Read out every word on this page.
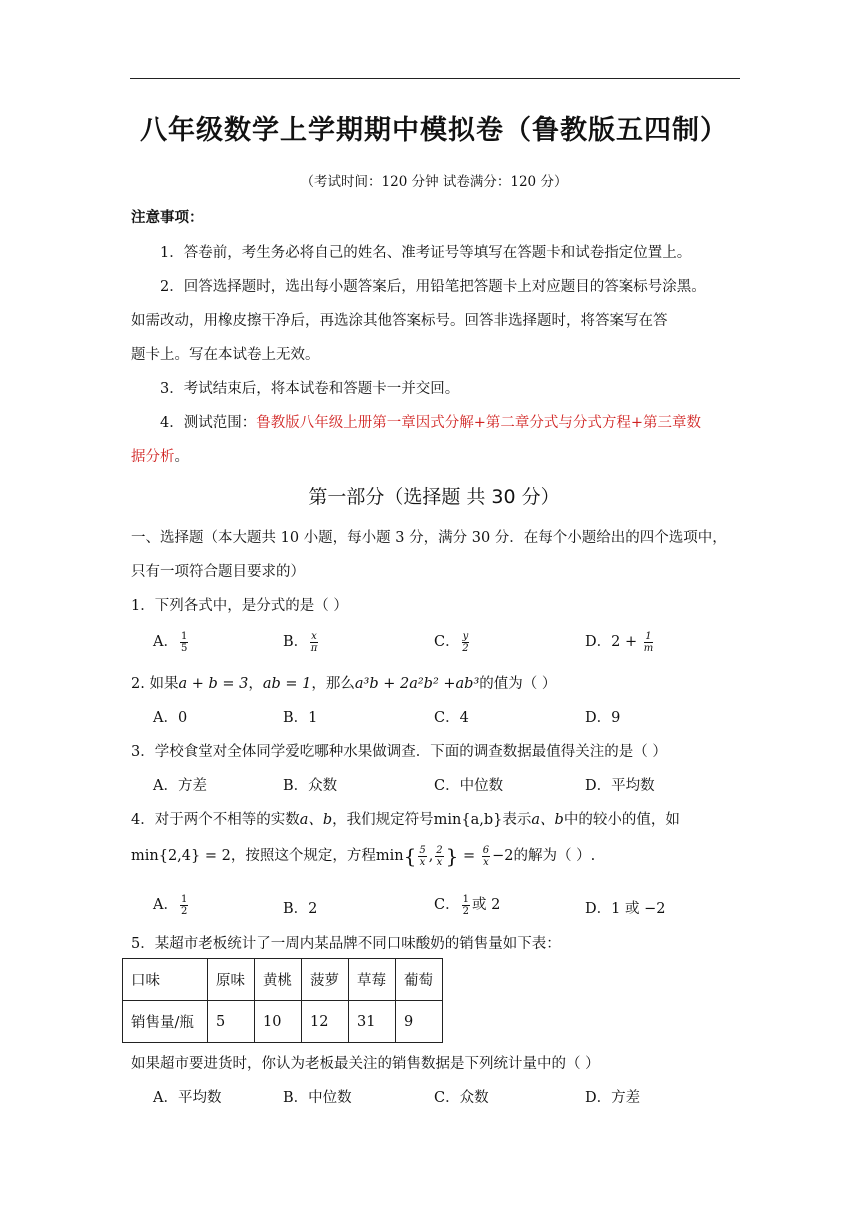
八年级数学上学期期中模拟卷（鲁教版五四制）
（考试时间：120 分钟 试卷满分：120 分）
注意事项：
1．答卷前，考生务必将自己的姓名、准考证号等填写在答题卡和试卷指定位置上。
2．回答选择题时，选出每小题答案后，用铅笔把答题卡上对应题目的答案标号涂黑。
如需改动，用橡皮擦干净后，再选涂其他答案标号。回答非选择题时，将答案写在答
题卡上。写在本试卷上无效。
3．考试结束后，将本试卷和答题卡一并交回。
4．测试范围：鲁教版八年级上册第一章因式分解+第二章分式与分式方程+第三章数
据分析。
第一部分（选择题 共 30 分）
一、选择题（本大题共 10 小题，每小题 3 分，满分 30 分．在每个小题给出的四个选项中，
只有一项符合题目要求的）
1．下列各式中，是分式的是（ ）
A． $\frac{1}{5}$	B． $\frac{x}{\pi}$	C． $\frac{y}{2}$	D．$2 + \frac{1}{m}$
2. 如果a + b = 3，ab = 1，那么a³b + 2a²b² +ab³的值为（ ）
A．0	B．1	C．4	D．9
3．学校食堂对全体同学爱吃哪种水果做调查．下面的调查数据最值得关注的是（ ）
A．方差	B．众数	C．中位数	D．平均数
4．对于两个不相等的实数a、b，我们规定符号min{a,b}表示a、b中的较小的值，如
min{2,4} = 2，按照这个规定，方程$\min\{ \frac{5}{x}$ , $\frac{2}{x}$ } = $\frac{6}{x} -2$的解为（ ）.
A． $\frac{1}{2}$	B．2	C． $\frac{1}{2}$ 或 2	D．1 或 −2
5．某超市老板统计了一周内某品牌不同口味酸奶的销售量如下表：
口味	原味	黄桃	菠萝	草莓	葡萄
销售量/瓶	5	10	12	31	9
如果超市要进货时，你认为老板最关注的销售数据是下列统计量中的（ ）
A．平均数	B．中位数	C．众数	D．方差
